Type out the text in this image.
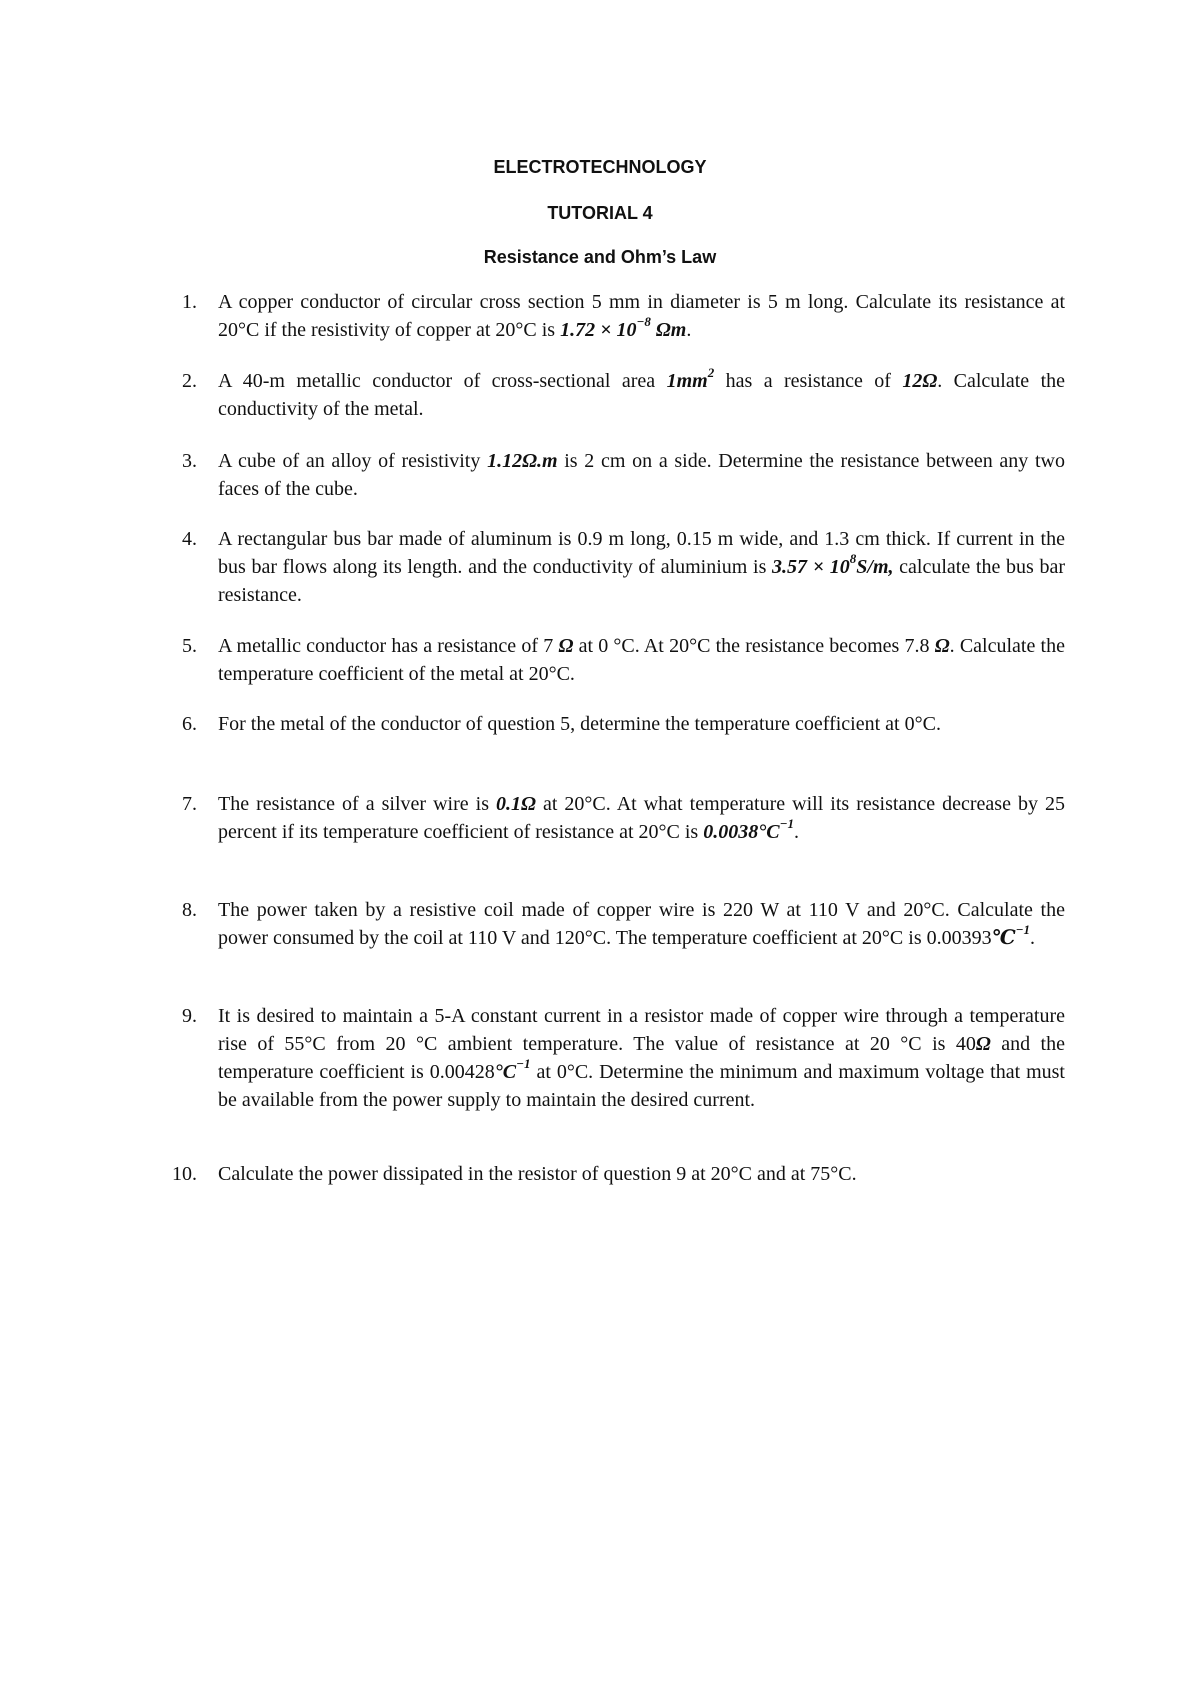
ELECTROTECHNOLOGY
TUTORIAL 4
Resistance and Ohm’s Law
1.	A copper conductor of circular cross section 5 mm in diameter is 5 m long. Calculate its resistance at 20°C if the resistivity of copper at 20°C is $1.72 \times 10^{-8}$ Ωm.
2.	A 40-m metallic conductor of cross-sectional area $1mm^2$ has a resistance of 12Ω. Calculate the conductivity of the metal.
3.	A cube of an alloy of resistivity 1.12Ω.m is 2 cm on a side. Determine the resistance between any two faces of the cube.
4.	A rectangular bus bar made of aluminum is 0.9 m long, 0.15 m wide, and 1.3 cm thick. If current in the bus bar flows along its length. and the conductivity of aluminium is $3.57 \times 10^8S/m$, calculate the bus bar resistance.
5.	A metallic conductor has a resistance of 7 Ω at 0 °C. At 20°C the resistance becomes 7.8 Ω. Calculate the temperature coefficient of the metal at 20°C.
6.	For the metal of the conductor of question 5, determine the temperature coefficient at 0°C.
7.	The resistance of a silver wire is 0.1Ω at 20°C. At what temperature will its resistance decrease by 25 percent if its temperature coefficient of resistance at 20°C is $0.0038^\circ C^{-1}$.
8.	The power taken by a resistive coil made of copper wire is 220 W at 110 V and 20°C. Calculate the power consumed by the coil at 110 V and 120°C. The temperature coefficient at 20°C is 0.00393℃$^{-1}$.
9.	It is desired to maintain a 5-A constant current in a resistor made of copper wire through a temperature rise of 55°C from 20 °C ambient temperature. The value of resistance at 20 °C is 40Ω and the temperature coefficient is $0.00428^\circ C^{-1}$ at 0°C. Determine the minimum and maximum voltage that must be available from the power supply to maintain the desired current.
10. Calculate the power dissipated in the resistor of question 9 at 20°C and at 75°C.
